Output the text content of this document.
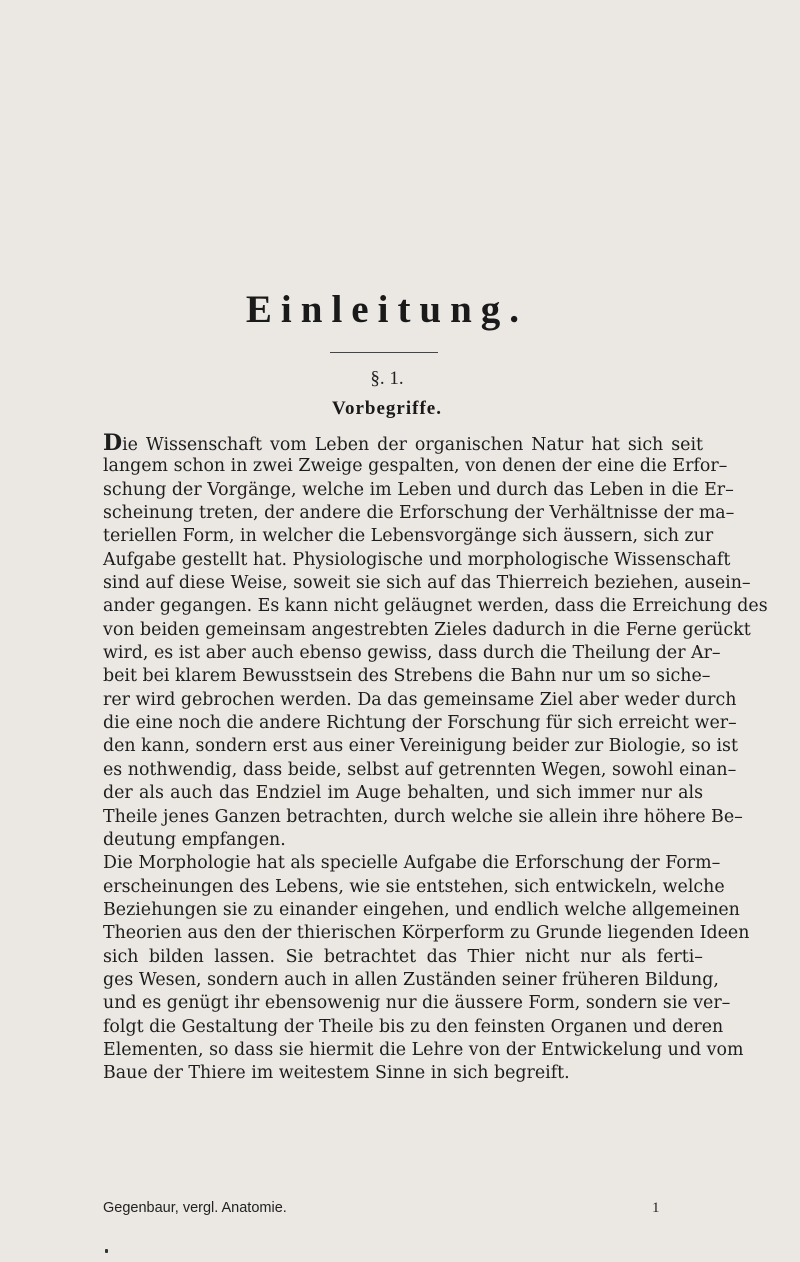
Einleitung.
§. 1.
Vorbegriffe.
Die Wissenschaft vom Leben der organischen Natur hat sich seit
langem schon in zwei Zweige gespalten, von denen der eine die Erfor–
schung der Vorgänge, welche im Leben und durch das Leben in die Er–
scheinung treten, der andere die Erforschung der Verhältnisse der ma–
teriellen Form, in welcher die Lebensvorgänge sich äussern, sich zur
Aufgabe gestellt hat. Physiologische und morphologische Wissenschaft
sind auf diese Weise, soweit sie sich auf das Thierreich beziehen, ausein–
ander gegangen. Es kann nicht geläugnet werden, dass die Erreichung des
von beiden gemeinsam angestrebten Zieles dadurch in die Ferne gerückt
wird, es ist aber auch ebenso gewiss, dass durch die Theilung der Ar–
beit bei klarem Bewusstsein des Strebens die Bahn nur um so siche–
rer wird gebrochen werden. Da das gemeinsame Ziel aber weder durch
die eine noch die andere Richtung der Forschung für sich erreicht wer–
den kann, sondern erst aus einer Vereinigung beider zur Biologie, so ist
es nothwendig, dass beide, selbst auf getrennten Wegen, sowohl einan–
der als auch das Endziel im Auge behalten, und sich immer nur als
Theile jenes Ganzen betrachten, durch welche sie allein ihre höhere Be–
deutung empfangen.
Die Morphologie hat als specielle Aufgabe die Erforschung der Form–
erscheinungen des Lebens, wie sie entstehen, sich entwickeln, welche
Beziehungen sie zu einander eingehen, und endlich welche allgemeinen
Theorien aus den der thierischen Körperform zu Grunde liegenden Ideen
sich bilden lassen. Sie betrachtet das Thier nicht nur als ferti–
ges Wesen, sondern auch in allen Zuständen seiner früheren Bildung,
und es genügt ihr ebensowenig nur die äussere Form, sondern sie ver–
folgt die Gestaltung der Theile bis zu den feinsten Organen und deren
Elementen, so dass sie hiermit die Lehre von der Entwickelung und vom
Baue der Thiere im weitestem Sinne in sich begreift.
Gegenbaur, vergl. Anatomie.	1
